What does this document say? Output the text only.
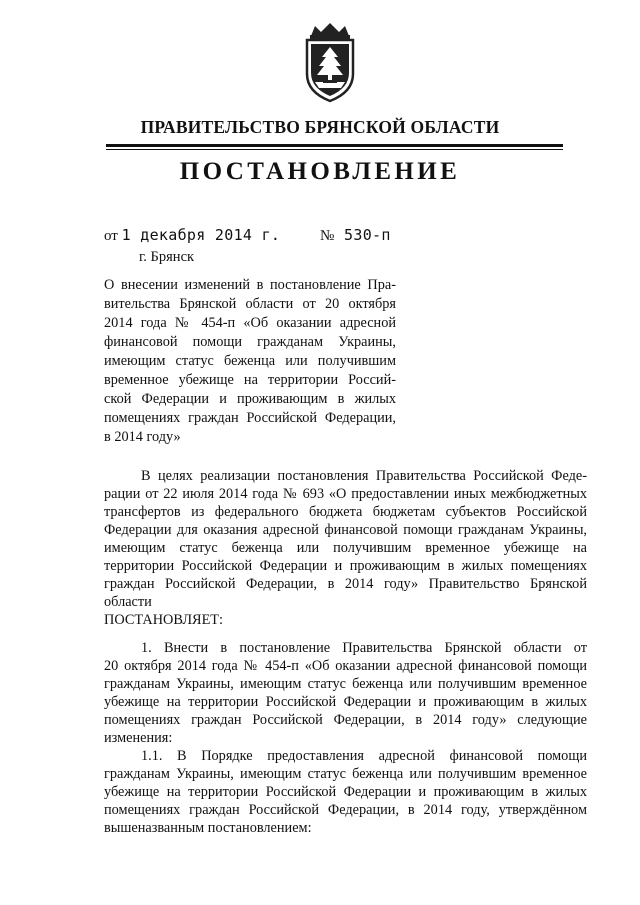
ПРАВИТЕЛЬСТВО БРЯНСКОЙ ОБЛАСТИ
ПОСТАНОВЛЕНИЕ
от 1 декабря 2014 г.	№ 530-п
г. Брянск
О внесении изменений в постановление Пра-
вительства Брянской области от 20 октября
2014 года № 454-п «Об оказании адресной
финансовой помощи гражданам Украины,
имеющим статус беженца или получившим
временное убежище на территории Россий-
ской Федерации и проживающим в жилых
помещениях граждан Российской Федерации,
в 2014 году»
В целях реализации постановления Правительства Российской Феде-
рации от 22 июля 2014 года № 693 «О предоставлении иных межбюджетных
трансфертов из федерального бюджета бюджетам субъектов Российской
Федерации для оказания адресной финансовой помощи гражданам Украины,
имеющим статус беженца или получившим временное убежище на
территории Российской Федерации и проживающим в жилых помещениях
граждан Российской Федерации, в 2014 году» Правительство Брянской
области
ПОСТАНОВЛЯЕТ:
1. Внести в постановление Правительства Брянской области от
20 октября 2014 года № 454-п «Об оказании адресной финансовой помощи
гражданам Украины, имеющим статус беженца или получившим временное
убежище на территории Российской Федерации и проживающим в жилых
помещениях граждан Российской Федерации, в 2014 году» следующие
изменения:
1.1. В Порядке предоставления адресной финансовой помощи
гражданам Украины, имеющим статус беженца или получившим временное
убежище на территории Российской Федерации и проживающим в жилых
помещениях граждан Российской Федерации, в 2014 году, утверждённом
вышеназванным постановлением:
